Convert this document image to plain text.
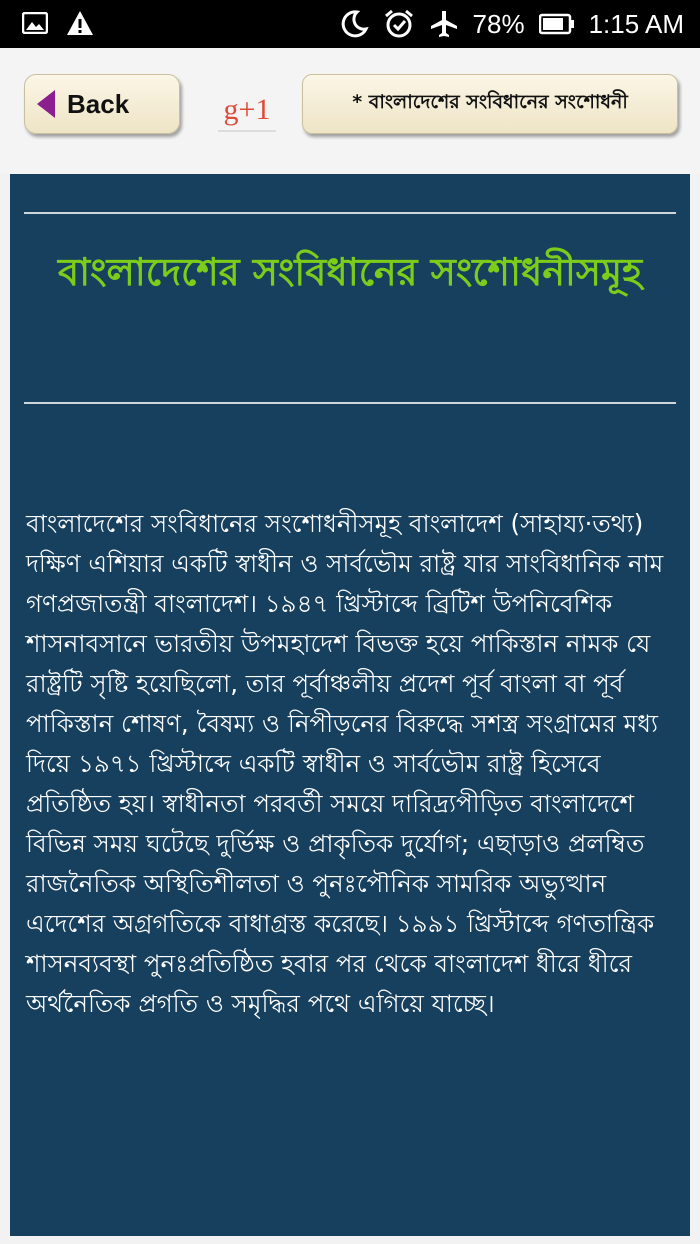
78% 1:15 AM
Back	g+1	* বাংলাদেশের সংবিধানের সংশোধনী
বাংলাদেশের সংবিধানের সংশোধনীসমূহ
বাংলাদেশের সংবিধানের সংশোধনীসমূহ বাংলাদেশ (সাহায্য·তথ্য) দক্ষিণ এশিয়ার একটি স্বাধীন ও সার্বভৌম রাষ্ট্র যার সাংবিধানিক নাম গণপ্রজাতন্ত্রী বাংলাদেশ। ১৯৪৭ খ্রিস্টাব্দে ব্রিটিশ উপনিবেশিক শাসনাবসানে ভারতীয় উপমহাদেশ বিভক্ত হয়ে পাকিস্তান নামক যে রাষ্ট্রটি সৃষ্টি হয়েছিলো, তার পূর্বাঞ্চলীয় প্রদেশ পূর্ব বাংলা বা পূর্ব পাকিস্তান শোষণ, বৈষম্য ও নিপীড়নের বিরুদ্ধে সশস্ত্র সংগ্রামের মধ্য দিয়ে ১৯৭১ খ্রিস্টাব্দে একটি স্বাধীন ও সার্বভৌম রাষ্ট্র হিসেবে প্রতিষ্ঠিত হয়। স্বাধীনতা পরবর্তী সময়ে দারিদ্র্যপীড়িত বাংলাদেশে বিভিন্ন সময় ঘটেছে দুর্ভিক্ষ ও প্রাকৃতিক দুর্যোগ; এছাড়াও প্রলম্বিত রাজনৈতিক অস্থিতিশীলতা ও পুনঃপৌনিক সামরিক অভ্যুত্থান এদেশের অগ্রগতিকে বাধাগ্রস্ত করেছে। ১৯৯১ খ্রিস্টাব্দে গণতান্ত্রিক শাসনব্যবস্থা পুনঃপ্রতিষ্ঠিত হবার পর থেকে বাংলাদেশ ধীরে ধীরে অর্থনৈতিক প্রগতি ও সমৃদ্ধির পথে এগিয়ে যাচ্ছে।
